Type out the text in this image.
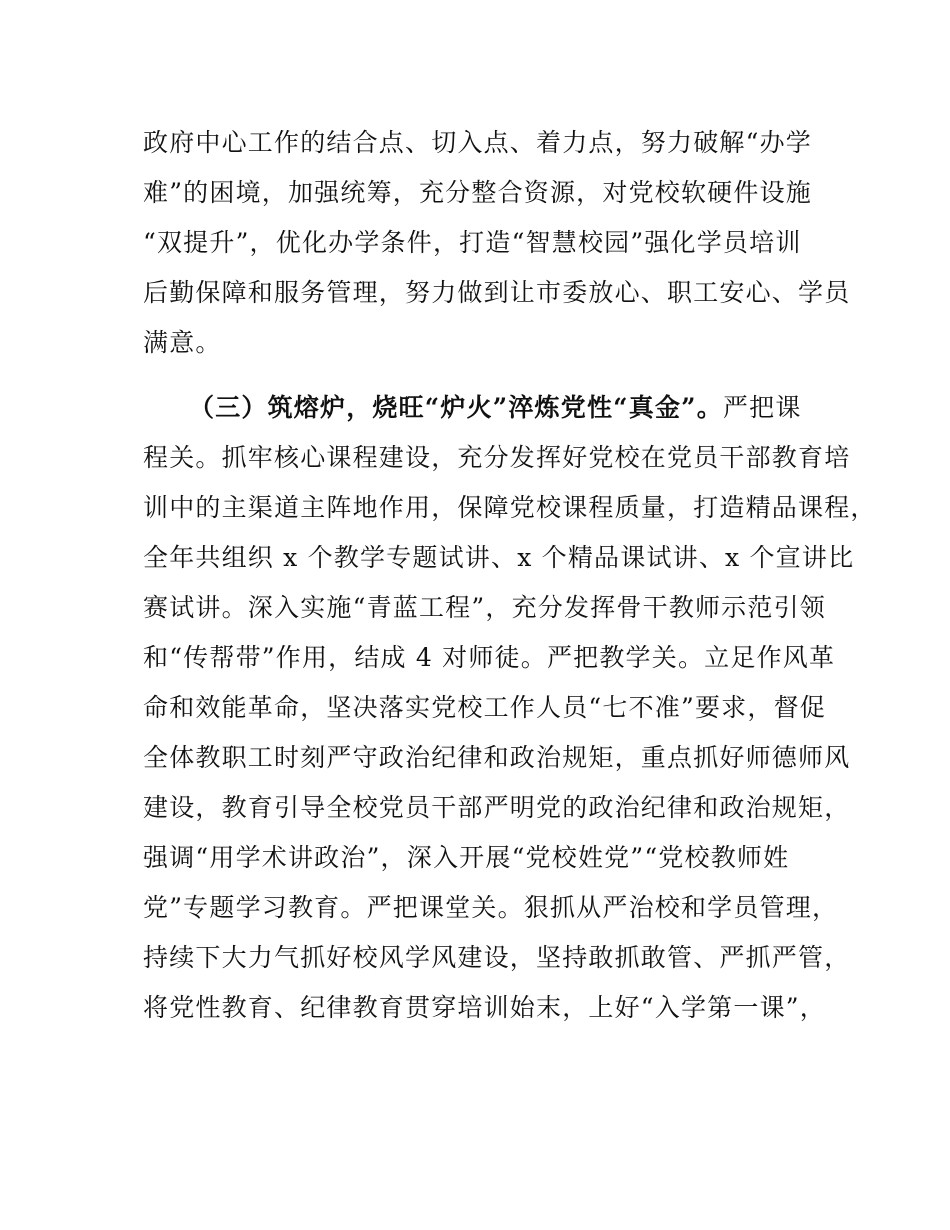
政府中心工作的结合点、切入点、着力点，努力破解“办学
难”的困境，加强统筹，充分整合资源，对党校软硬件设施
“双提升”，优化办学条件，打造“智慧校园”强化学员培训
后勤保障和服务管理，努力做到让市委放心、职工安心、学员
满意。
（三）筑熔炉，烧旺“炉火”淬炼党性“真金”。严把课
程关。抓牢核心课程建设，充分发挥好党校在党员干部教育培
训中的主渠道主阵地作用，保障党校课程质量，打造精品课程，
全年共组织 x 个教学专题试讲、x 个精品课试讲、x 个宣讲比
赛试讲。深入实施“青蓝工程”，充分发挥骨干教师示范引领
和“传帮带”作用，结成 4 对师徒。严把教学关。立足作风革
命和效能革命，坚决落实党校工作人员“七不准”要求，督促
全体教职工时刻严守政治纪律和政治规矩，重点抓好师德师风
建设，教育引导全校党员干部严明党的政治纪律和政治规矩，
强调“用学术讲政治”，深入开展“党校姓党”“党校教师姓
党”专题学习教育。严把课堂关。狠抓从严治校和学员管理，
持续下大力气抓好校风学风建设，坚持敢抓敢管、严抓严管，
将党性教育、纪律教育贯穿培训始末，上好“入学第一课”，
